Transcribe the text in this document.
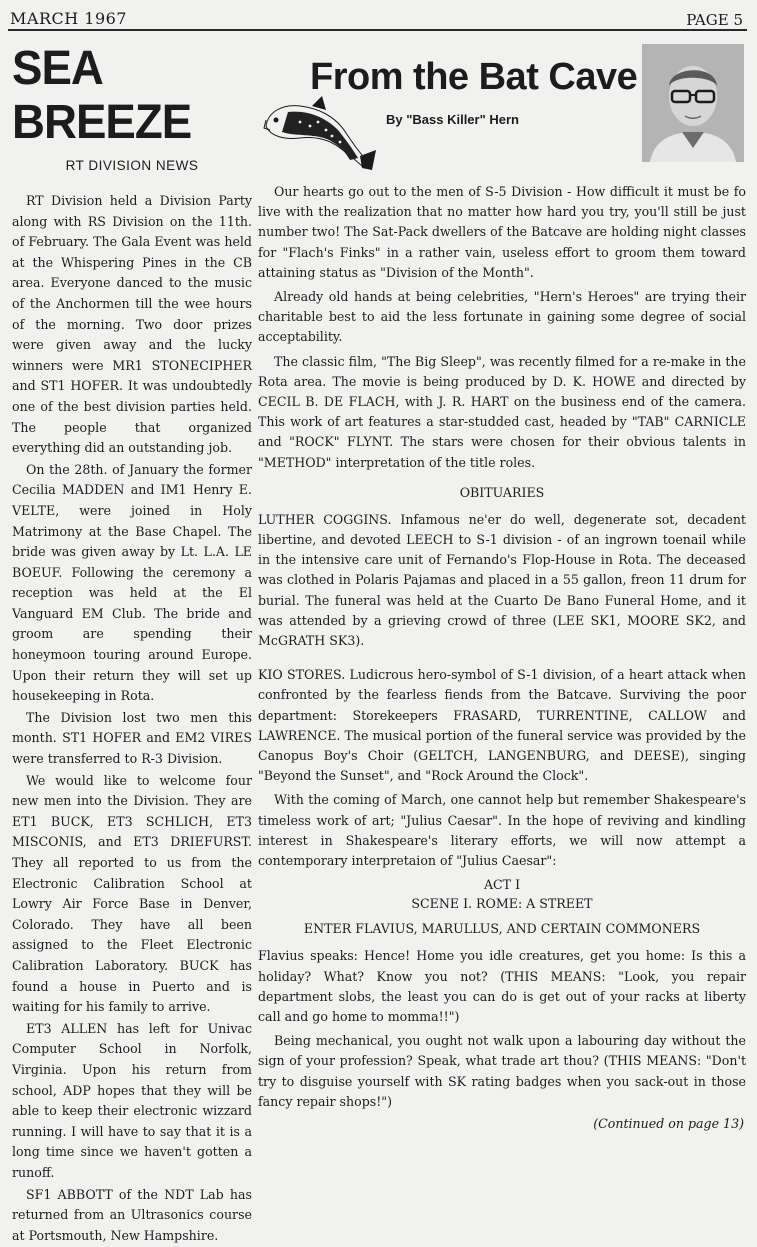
MARCH 1967	PAGE 5
SEA BREEZE
RT DIVISION NEWS

RT Division held a Division Party along with RS Division on the 11th. of February. The Gala Event was held at the Whispering Pines in the CB area. Everyone danced to the music of the Anchormen till the wee hours of the morning. Two door prizes were given away and the lucky winners were MR1 STONECIPHER and ST1 HOFER. It was undoubtedly one of the best division parties held. The people that organized everything did an outstanding job.

On the 28th. of January the former Cecilia MADDEN and IM1 Henry E. VELTE, were joined in Holy Matrimony at the Base Chapel. The bride was given away by Lt. L.A. LE BOEUF. Following the ceremony a reception was held at the El Vanguard EM Club. The bride and groom are spending their honeymoon touring around Europe. Upon their return they will set up housekeeping in Rota.

The Division lost two men this month. ST1 HOFER and EM2 VIRES were transferred to R-3 Division.

We would like to welcome four new men into the Division. They are ET1 BUCK, ET3 SCHLICH, ET3 MISCONIS, and ET3 DRIEFURST. They all reported to us from the Electronic Calibration School at Lowry Air Force Base in Denver, Colorado. They have all been assigned to the Fleet Electronic Calibration Laboratory. BUCK has found a house in Puerto and is waiting for his family to arrive.

ET3 ALLEN has left for Univac Computer School in Norfolk, Virginia. Upon his return from school, ADP hopes that they will be able to keep their electronic wizzard running. I will have to say that it is a long time since we haven't gotten a runoff.

SF1 ABBOTT of the NDT Lab has returned from an Ultrasonics course at Portsmouth, New Hampshire.

From the Bat Cave
By "Bass Killer" Hern

Our hearts go out to the men of S-5 Division - How difficult it must be fo live with the realization that no matter how hard you try, you'll still be just number two! The Sat-Pack dwellers of the Batcave are holding night classes for "Flach's Finks" in a rather vain, useless effort to groom them toward attaining status as "Division of the Month".

Already old hands at being celebrities, "Hern's Heroes" are trying their charitable best to aid the less fortunate in gaining some degree of social acceptability.

The classic film, "The Big Sleep", was recently filmed for a re-make in the Rota area. The movie is being produced by D. K. HOWE and directed by CECIL B. DE FLACH, with J. R. HART on the business end of the camera. This work of art features a star-studded cast, headed by "TAB" CARNICLE and "ROCK" FLYNT. The stars were chosen for their obvious talents in "METHOD" interpretation of the title roles.

OBITUARIES

LUTHER COGGINS. Infamous ne'er do well, degenerate sot, decadent libertine, and devoted LEECH to S-1 division - of an ingrown toenail while in the intensive care unit of Fernando's Flop-House in Rota. The deceased was clothed in Polaris Pajamas and placed in a 55 gallon, freon 11 drum for burial. The funeral was held at the Cuarto De Bano Funeral Home, and it was attended by a grieving crowd of three (LEE SK1, MOORE SK2, and McGRATH SK3).

KIO STORES. Ludicrous hero-symbol of S-1 division, of a heart attack when confronted by the fearless fiends from the Batcave. Surviving the poor department: Storekeepers FRASARD, TURRENTINE, CALLOW and LAWRENCE. The musical portion of the funeral service was provided by the Canopus Boy's Choir (GELTCH, LANGENBURG, and DEESE), singing "Beyond the Sunset", and "Rock Around the Clock".

With the coming of March, one cannot help but remember Shakespeare's timeless work of art; "Julius Caesar". In the hope of reviving and kindling interest in Shakespeare's literary efforts, we will now attempt a contemporary interpretaion of "Julius Caesar":

ACT I

SCENE I. ROME: A STREET

ENTER FLAVIUS, MARULLUS, AND CERTAIN COMMONERS

Flavius speaks: Hence! Home you idle creatures, get you home: Is this a holiday? What? Know you not? (THIS MEANS: "Look, you repair department slobs, the least you can do is get out of your racks at liberty call and go home to momma!!")

Being mechanical, you ought not walk upon a labouring day without the sign of your profession? Speak, what trade art thou? (THIS MEANS: "Don't try to disguise yourself with SK rating badges when you sack-out in those fancy repair shops!")

(Continued on page 13)
